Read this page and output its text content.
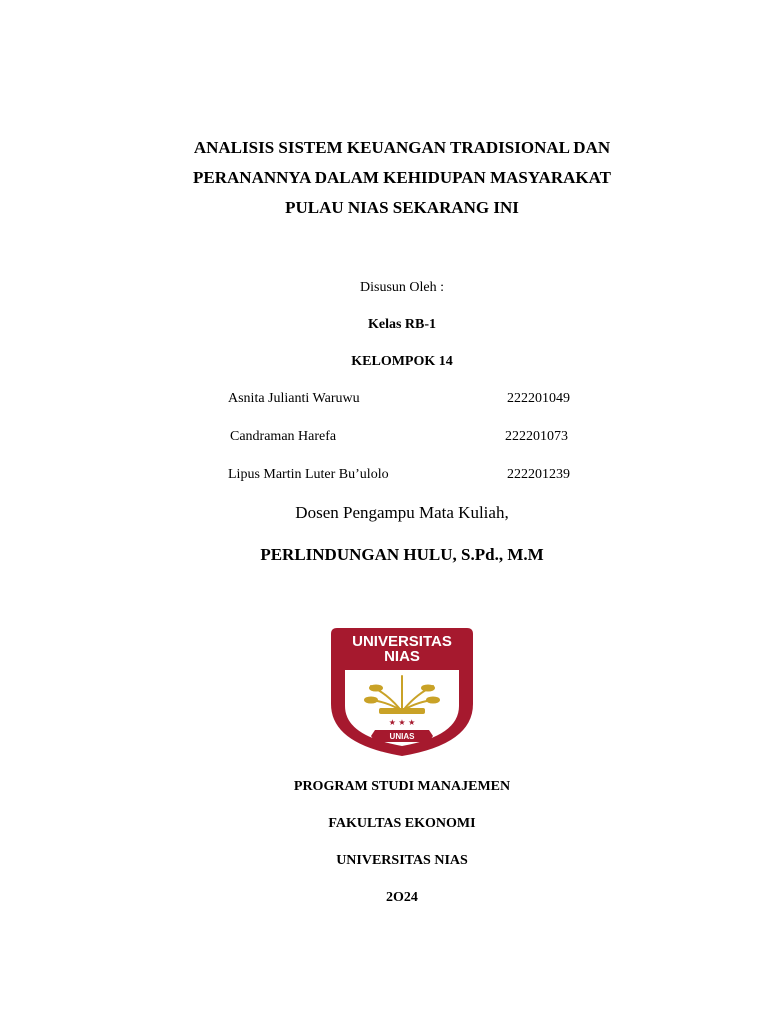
ANALISIS SISTEM KEUANGAN TRADISIONAL DAN
PERANANNYA DALAM KEHIDUPAN MASYARAKAT
PULAU NIAS SEKARANG INI
Disusun Oleh :
Kelas RB-1
KELOMPOK 14
Asnita Julianti Waruwu	222201049
Candraman Harefa	222201073
Lipus Martin Luter Bu’ulolo	222201239
Dosen Pengampu Mata Kuliah,
PERLINDUNGAN HULU, S.Pd., M.M
UNIVERSITAS
NIAS
★ ★ ★
UNIAS
PROGRAM STUDI MANAJEMEN
FAKULTAS EKONOMI
UNIVERSITAS NIAS
2O24
